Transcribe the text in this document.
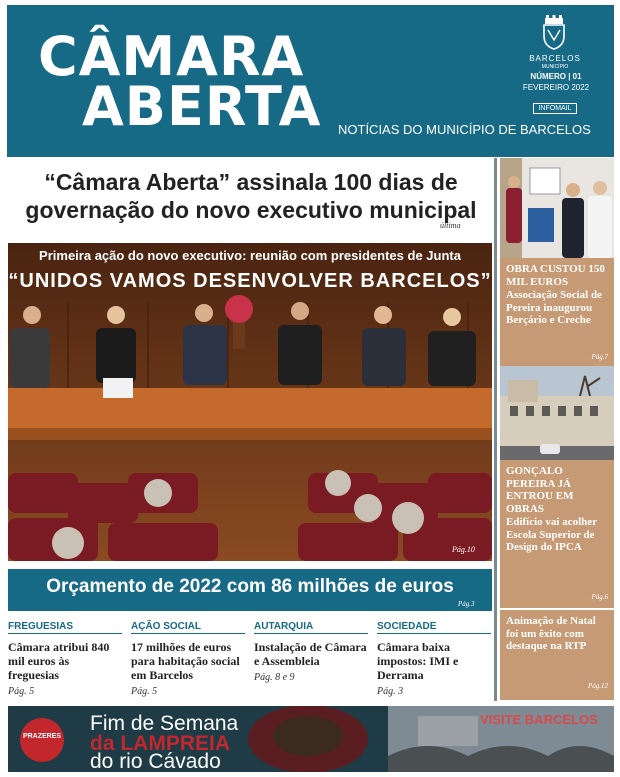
CÂMARA
ABERTA NOTÍCIAS DO MUNICÍPIO DE BARCELOS
BARCELOS
MUNICÍPIO
NÚMERO | 01
FEVEREIRO 2022
INFOMAIL
“Câmara Aberta” assinala 100 dias de governação do novo executivo municipal
última
Primeira ação do novo executivo: reunião com presidentes de Junta
“UNIDOS VAMOS DESENVOLVER BARCELOS”
Pág.10
Orçamento de 2022 com 86 milhões de euros
Pág.3
FREGUESIAS
Câmara atribui 840 mil euros às freguesias
Pág. 5
AÇÃO SOCIAL
17 milhões de euros para habitação social em Barcelos
Pág. 5
AUTARQUIA
Instalação de Câmara e Assembleia
Pág. 8 e 9
SOCIEDADE
Câmara baixa impostos: IMI e Derrama
Pág. 3
OBRA CUSTOU 150 MIL EUROS
Associação Social de Pereira inaugurou Berçário e Creche
Pág.7
GONÇALO PEREIRA JÁ ENTROU EM OBRAS
Edifício vai acolher Escola Superior de Design do IPCA
Pág.6
Animação de Natal foi um êxito com destaque na RTP
Pág.12
PRAZERES
Fim de Semana
da LAMPREIA
do rio Cávado
VISITE BARCELOS
